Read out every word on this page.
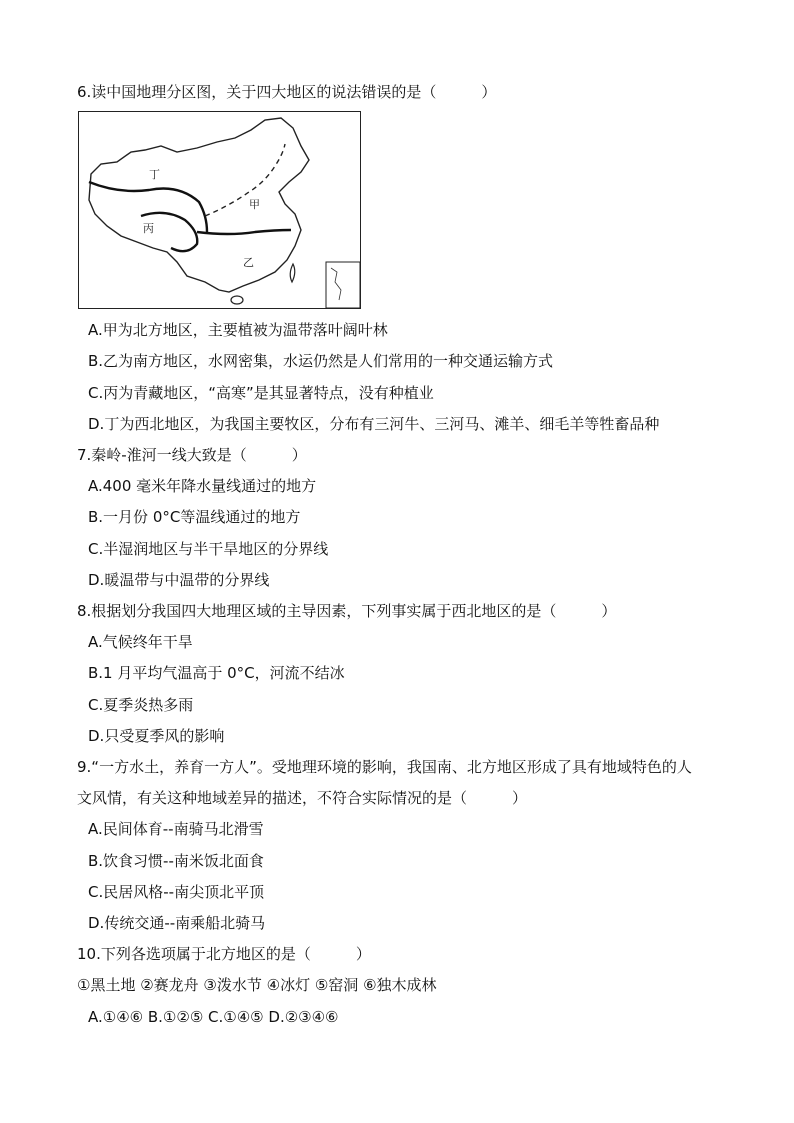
6.读中国地理分区图，关于四大地区的说法错误的是（　　　）
丁
甲
丙
乙
A.甲为北方地区，主要植被为温带落叶阔叶林
B.乙为南方地区，水网密集，水运仍然是人们常用的一种交通运输方式
C.丙为青藏地区，“高寒”是其显著特点，没有种植业
D.丁为西北地区，为我国主要牧区，分布有三河牛、三河马、滩羊、细毛羊等牲畜品种
7.秦岭-淮河一线大致是（　　　）
A.400 毫米年降水量线通过的地方
B.一月份 0°C等温线通过的地方
C.半湿润地区与半干旱地区的分界线
D.暖温带与中温带的分界线
8.根据划分我国四大地理区域的主导因素，下列事实属于西北地区的是（　　　）
A.气候终年干旱
B.1 月平均气温高于 0°C，河流不结冰
C.夏季炎热多雨
D.只受夏季风的影响
9.“一方水土，养育一方人”。受地理环境的影响，我国南、北方地区形成了具有地域特色的人
文风情，有关这种地域差异的描述，不符合实际情况的是（　　　）
A.民间体育--南骑马北滑雪
B.饮食习惯--南米饭北面食
C.民居风格--南尖顶北平顶
D.传统交通--南乘船北骑马
10.下列各选项属于北方地区的是（　　　）
①黑土地 ②赛龙舟 ③泼水节 ④冰灯 ⑤窑洞 ⑥独木成林
A.①④⑥ B.①②⑤ C.①④⑤ D.②③④⑥
